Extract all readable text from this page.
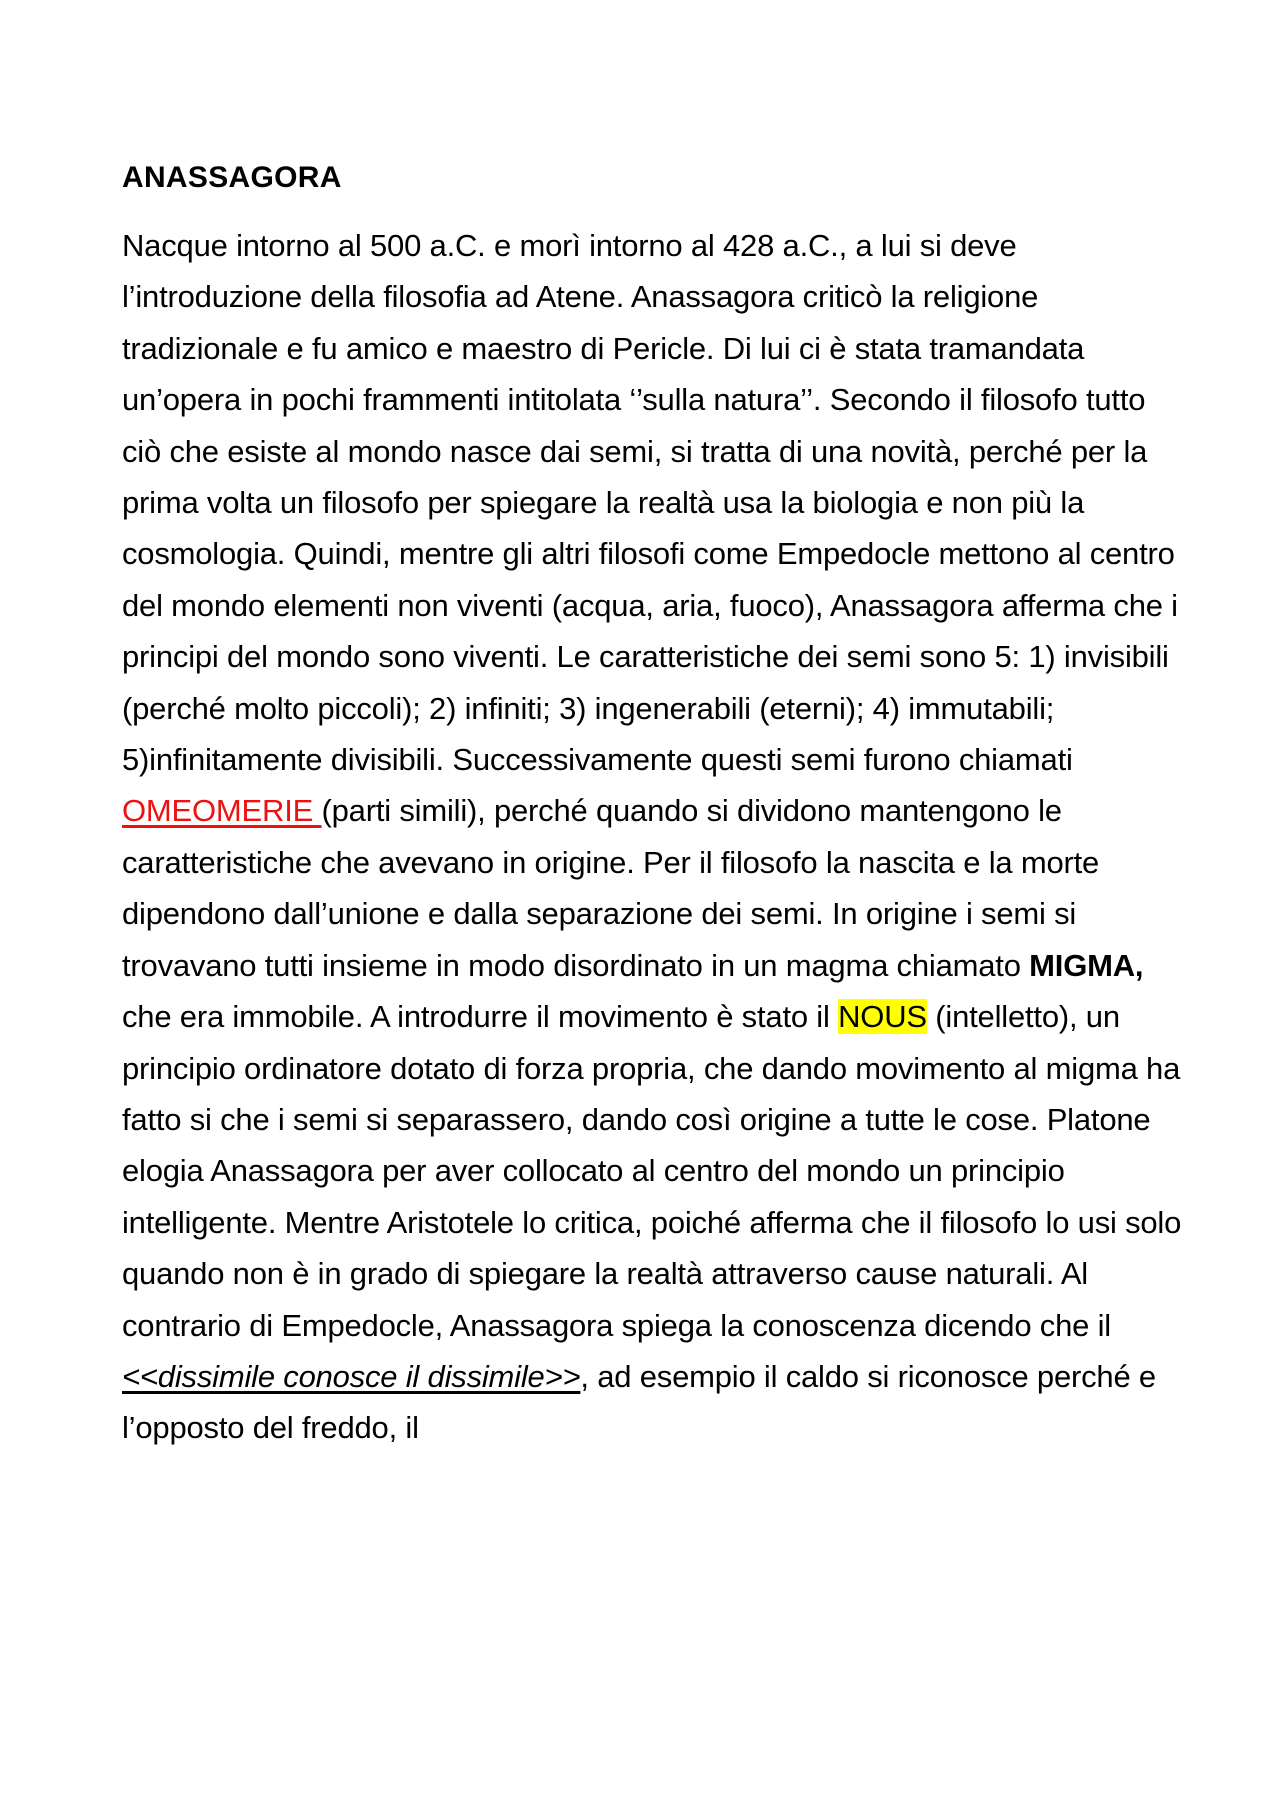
ANASSAGORA

Nacque intorno al 500 a.C. e morì intorno al 428 a.C., a lui si deve l’introduzione della filosofia ad Atene. Anassagora criticò la religione tradizionale e fu amico e maestro di Pericle. Di lui ci è stata tramandata un’opera in pochi frammenti intitolata ‘’sulla natura’’. Secondo il filosofo tutto ciò che esiste al mondo nasce dai semi, si tratta di una novità, perché per la prima volta un filosofo per spiegare la realtà usa la biologia e non più la cosmologia. Quindi, mentre gli altri filosofi come Empedocle mettono al centro del mondo elementi non viventi (acqua, aria, fuoco), Anassagora afferma che i principi del mondo sono viventi. Le caratteristiche dei semi sono 5: 1) invisibili (perché molto piccoli); 2) infiniti; 3) ingenerabili (eterni); 4) immutabili; 5)infinitamente divisibili. Successivamente questi semi furono chiamati OMEOMERIE (parti simili), perché quando si dividono mantengono le caratteristiche che avevano in origine. Per il filosofo la nascita e la morte dipendono dall’unione e dalla separazione dei semi. In origine i semi si trovavano tutti insieme in modo disordinato in un magma chiamato MIGMA, che era immobile. A introdurre il movimento è stato il NOUS (intelletto), un principio ordinatore dotato di forza propria, che dando movimento al migma ha fatto si che i semi si separassero, dando così origine a tutte le cose. Platone elogia Anassagora per aver collocato al centro del mondo un principio intelligente. Mentre Aristotele lo critica, poiché afferma che il filosofo lo usi solo quando non è in grado di spiegare la realtà attraverso cause naturali. Al contrario di Empedocle, Anassagora spiega la conoscenza dicendo che il <<dissimile conosce il dissimile>>, ad esempio il caldo si riconosce perché e l’opposto del freddo, il
